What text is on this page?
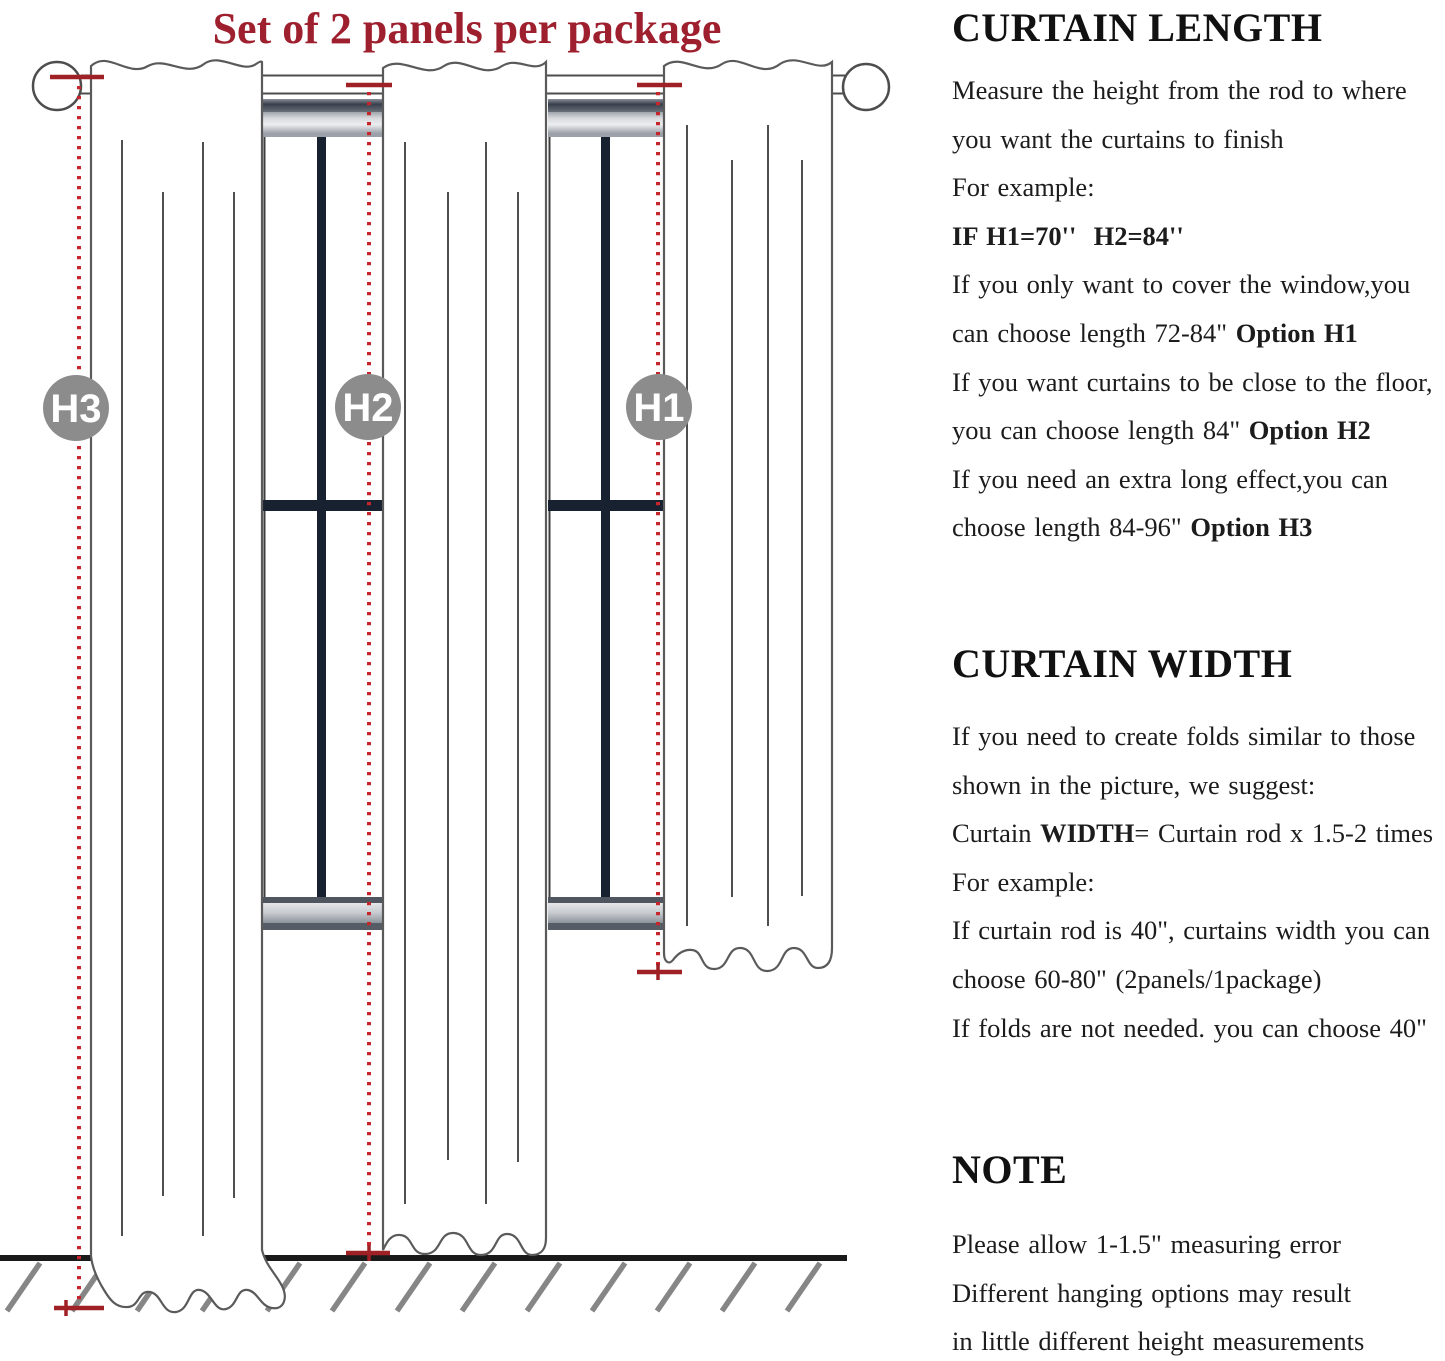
Set of 2 panels per package
H3	H2	H1
CURTAIN LENGTH

Measure the height from the rod to where

you want the curtains to finish

For example:

IF H1=70''  H2=84''

If you only want to cover the window,you

can choose length 72-84" Option H1

If you want curtains to be close to the floor,

you can choose length 84" Option H2

If you need an extra long effect,you can

choose length 84-96" Option H3

CURTAIN WIDTH

If you need to create folds similar to those

shown in the picture, we suggest:

Curtain WIDTH= Curtain rod x 1.5-2 times

For example:

If curtain rod is 40", curtains width you can

choose 60-80" (2panels/1package)

If folds are not needed. you can choose 40"

NOTE

Please allow 1-1.5" measuring error

Different hanging options may result

in little different height measurements
